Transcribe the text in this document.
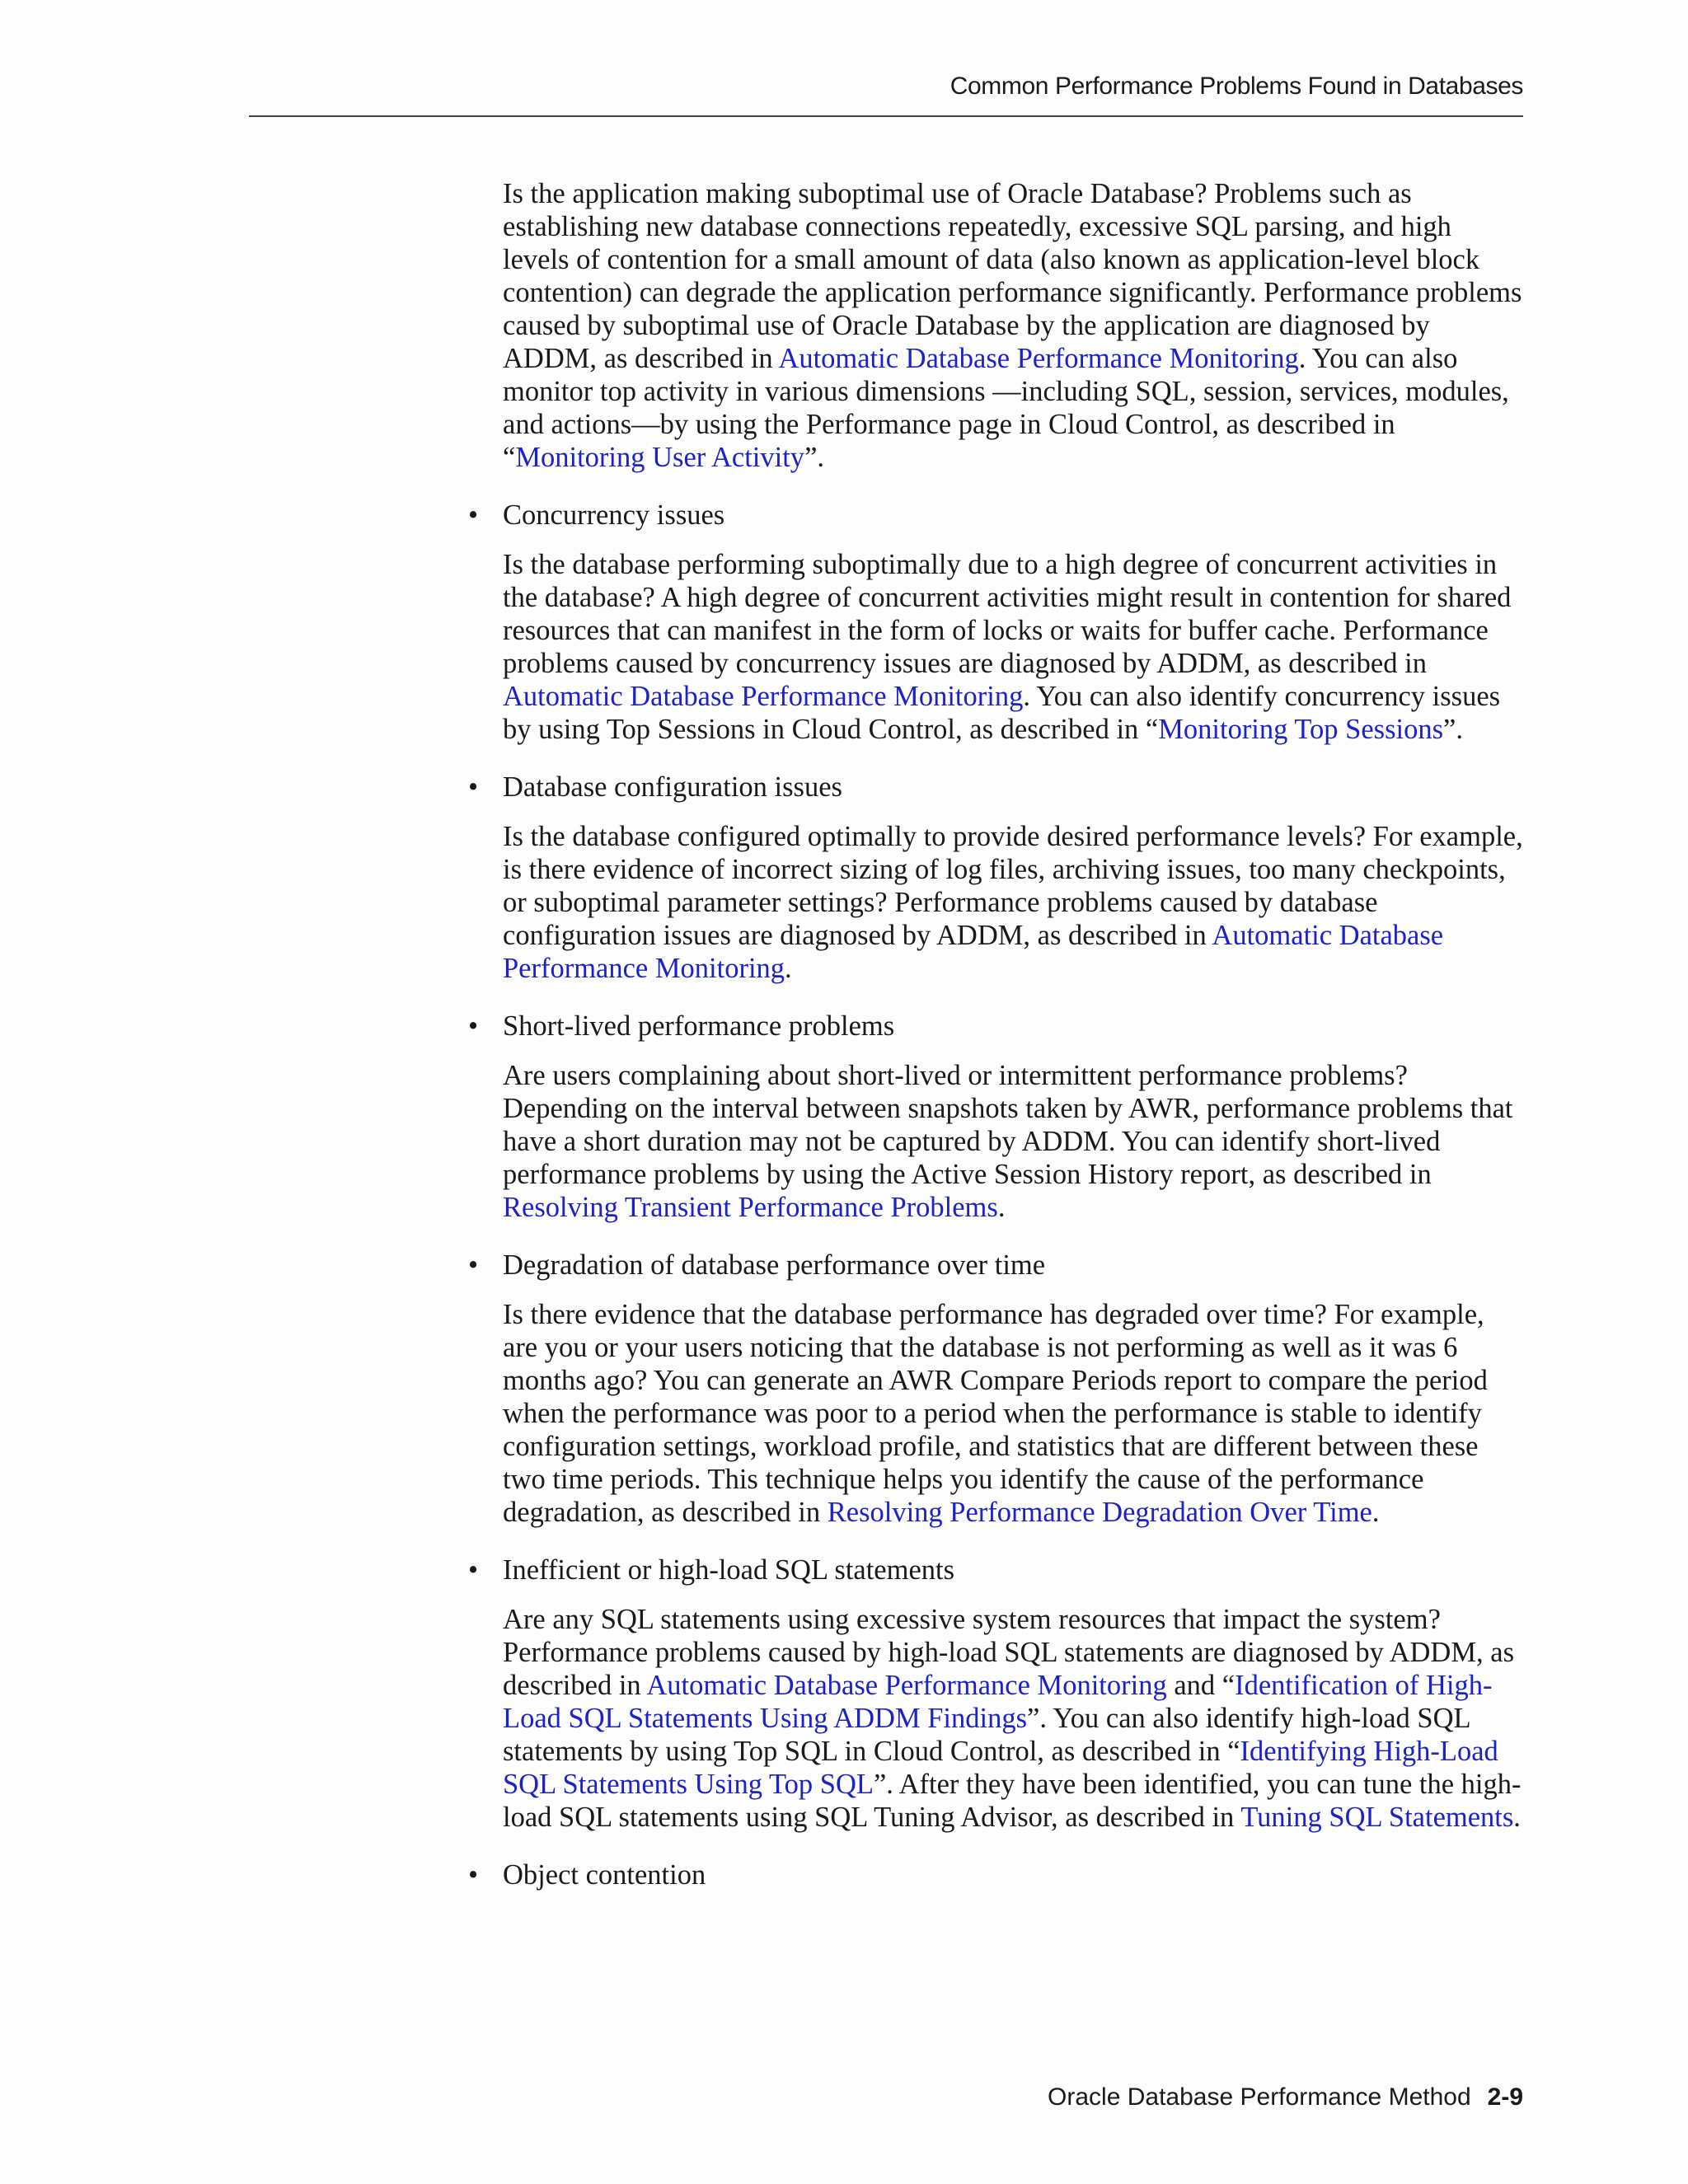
Common Performance Problems Found in Databases

Is the application making suboptimal use of Oracle Database? Problems such as establishing new database connections repeatedly, excessive SQL parsing, and high levels of contention for a small amount of data (also known as application-level block contention) can degrade the application performance significantly. Performance problems caused by suboptimal use of Oracle Database by the application are diagnosed by ADDM, as described in Automatic Database Performance Monitoring. You can also monitor top activity in various dimensions —including SQL, session, services, modules, and actions—by using the Performance page in Cloud Control, as described in “Monitoring User Activity”.

• Concurrency issues

Is the database performing suboptimally due to a high degree of concurrent activities in the database? A high degree of concurrent activities might result in contention for shared resources that can manifest in the form of locks or waits for buffer cache. Performance problems caused by concurrency issues are diagnosed by ADDM, as described in Automatic Database Performance Monitoring. You can also identify concurrency issues by using Top Sessions in Cloud Control, as described in “Monitoring Top Sessions”.

• Database configuration issues

Is the database configured optimally to provide desired performance levels? For example, is there evidence of incorrect sizing of log files, archiving issues, too many checkpoints, or suboptimal parameter settings? Performance problems caused by database configuration issues are diagnosed by ADDM, as described in Automatic Database Performance Monitoring.

• Short-lived performance problems

Are users complaining about short-lived or intermittent performance problems? Depending on the interval between snapshots taken by AWR, performance problems that have a short duration may not be captured by ADDM. You can identify short-lived performance problems by using the Active Session History report, as described in Resolving Transient Performance Problems.

• Degradation of database performance over time

Is there evidence that the database performance has degraded over time? For example, are you or your users noticing that the database is not performing as well as it was 6 months ago? You can generate an AWR Compare Periods report to compare the period when the performance was poor to a period when the performance is stable to identify configuration settings, workload profile, and statistics that are different between these two time periods. This technique helps you identify the cause of the performance degradation, as described in Resolving Performance Degradation Over Time.

• Inefficient or high-load SQL statements

Are any SQL statements using excessive system resources that impact the system? Performance problems caused by high-load SQL statements are diagnosed by ADDM, as described in Automatic Database Performance Monitoring and “Identification of High-Load SQL Statements Using ADDM Findings”. You can also identify high-load SQL statements by using Top SQL in Cloud Control, as described in “Identifying High-Load SQL Statements Using Top SQL”. After they have been identified, you can tune the high-load SQL statements using SQL Tuning Advisor, as described in Tuning SQL Statements.

• Object contention
Oracle Database Performance Method 2-9
